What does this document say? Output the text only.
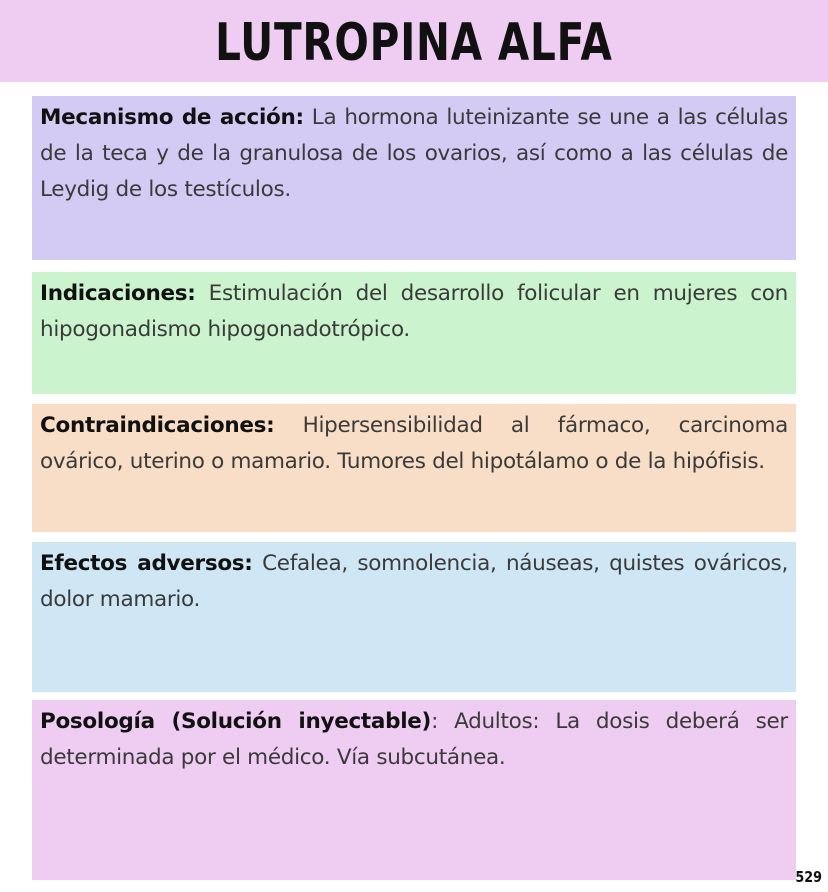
LUTROPINA ALFA
Mecanismo de acción: La hormona luteinizante se une a las células de la teca y de la granulosa de los ovarios, así como a las células de Leydig de los testículos.
Indicaciones: Estimulación del desarrollo folicular en mujeres con hipogonadismo hipogonadotrópico.
Contraindicaciones: Hipersensibilidad al fármaco, carcinoma ovárico, uterino o mamario. Tumores del hipotálamo o de la hipófisis.
Efectos adversos: Cefalea, somnolencia, náuseas, quistes ováricos, dolor mamario.
Posología (Solución inyectable): Adultos: La dosis deberá ser determinada por el médico. Vía subcutánea.
529
